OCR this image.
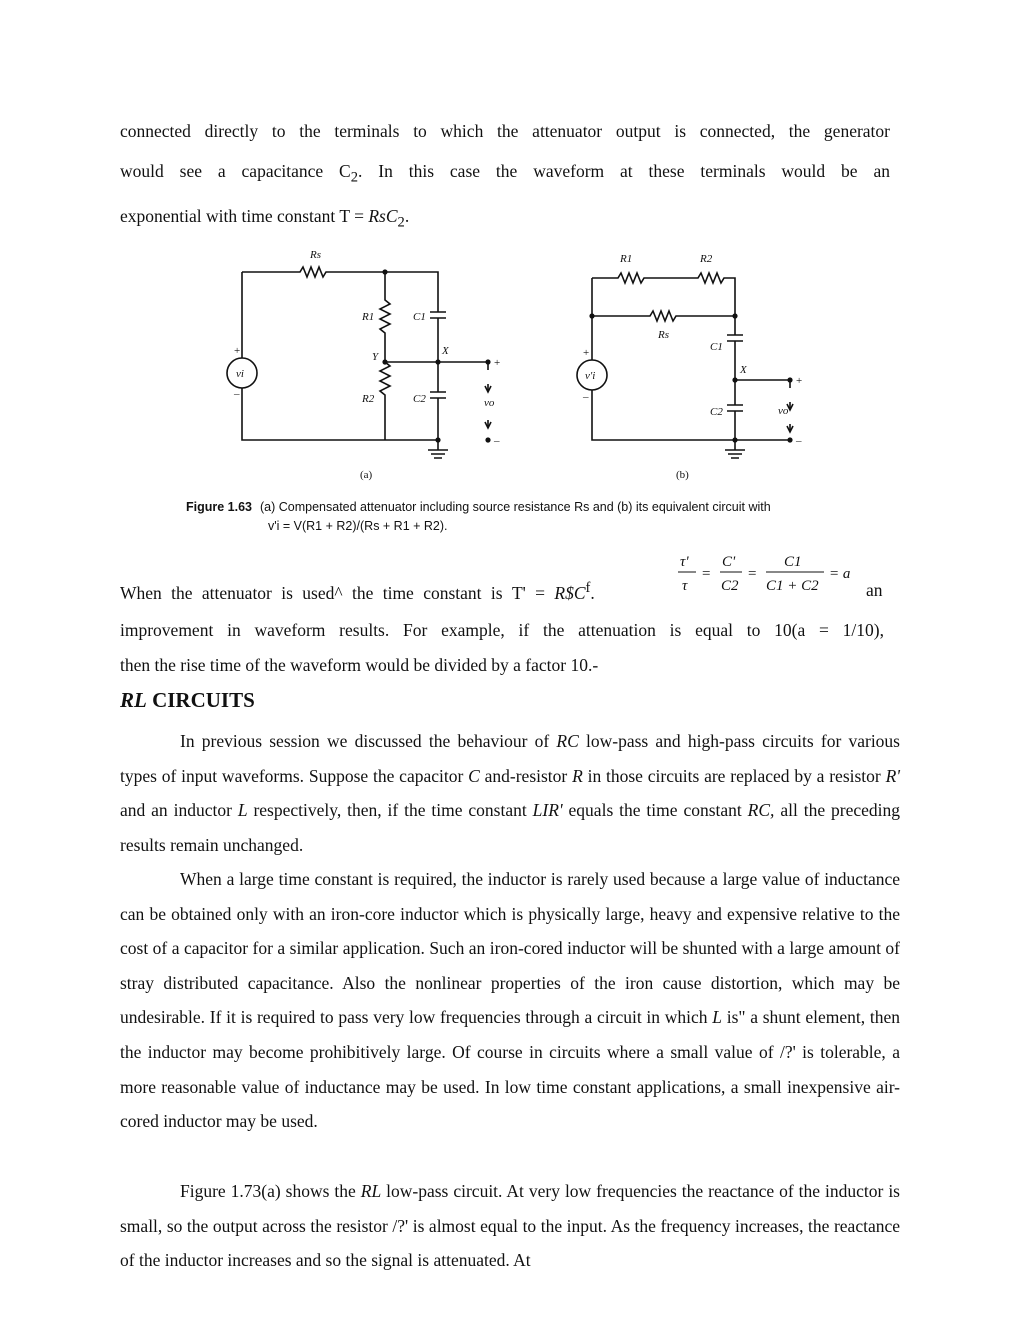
connected directly to the terminals to which the attenuator output is connected, the generator
would see a capacitance $C_2$. In this case the waveform at these terminals would be an
exponential with time constant T = RsC$_2$.
Rs
R1
R2
C1
C2
Y	X
vi
+
–
vo
+
–
(a)
R1	R2
Rs
C1
C2
X
v'i
+
–
vo
+
–
(b)
Figure 1.63 (a) Compensated attenuator including source resistance Rs and (b) its equivalent circuit with
v'i = V(R1 + R2)/(Rs + R1 + R2).
τ'
τ
=
C'
C2
=
C1
C1 + C2
= a
When the attenuator is used^ the time constant is $T' = R\$C^f$.	an
improvement in waveform results. For example, if the attenuation is equal to 10(a = 1/10),
then the rise time of the waveform would be divided by a factor 10.-
RL CIRCUITS
In previous session we discussed the behaviour of RC low-pass and high-pass circuits for various types of input waveforms. Suppose the capacitor C and-resistor R in those circuits are replaced by a resistor R' and an inductor L respectively, then, if the time constant LIR' equals the time constant RC, all the preceding results remain unchanged.
When a large time constant is required, the inductor is rarely used because a large value of inductance can be obtained only with an iron-core inductor which is physically large, heavy and expensive relative to the cost of a capacitor for a similar application. Such an iron-cored inductor will be shunted with a large amount of stray distributed capacitance. Also the nonlinear properties of the iron cause distortion, which may be undesirable. If it is required to pass very low frequencies through a circuit in which L is" a shunt element, then the inductor may become prohibitively large. Of course in circuits where a small value of /?' is tolerable, a more reasonable value of inductance may be used. In low time constant applications, a small inexpensive air-cored inductor may be used.
Figure 1.73(a) shows the RL low-pass circuit. At very low frequencies the reactance of the inductor is small, so the output across the resistor /?' is almost equal to the input. As the frequency increases, the reactance of the inductor increases and so the signal is attenuated. At
